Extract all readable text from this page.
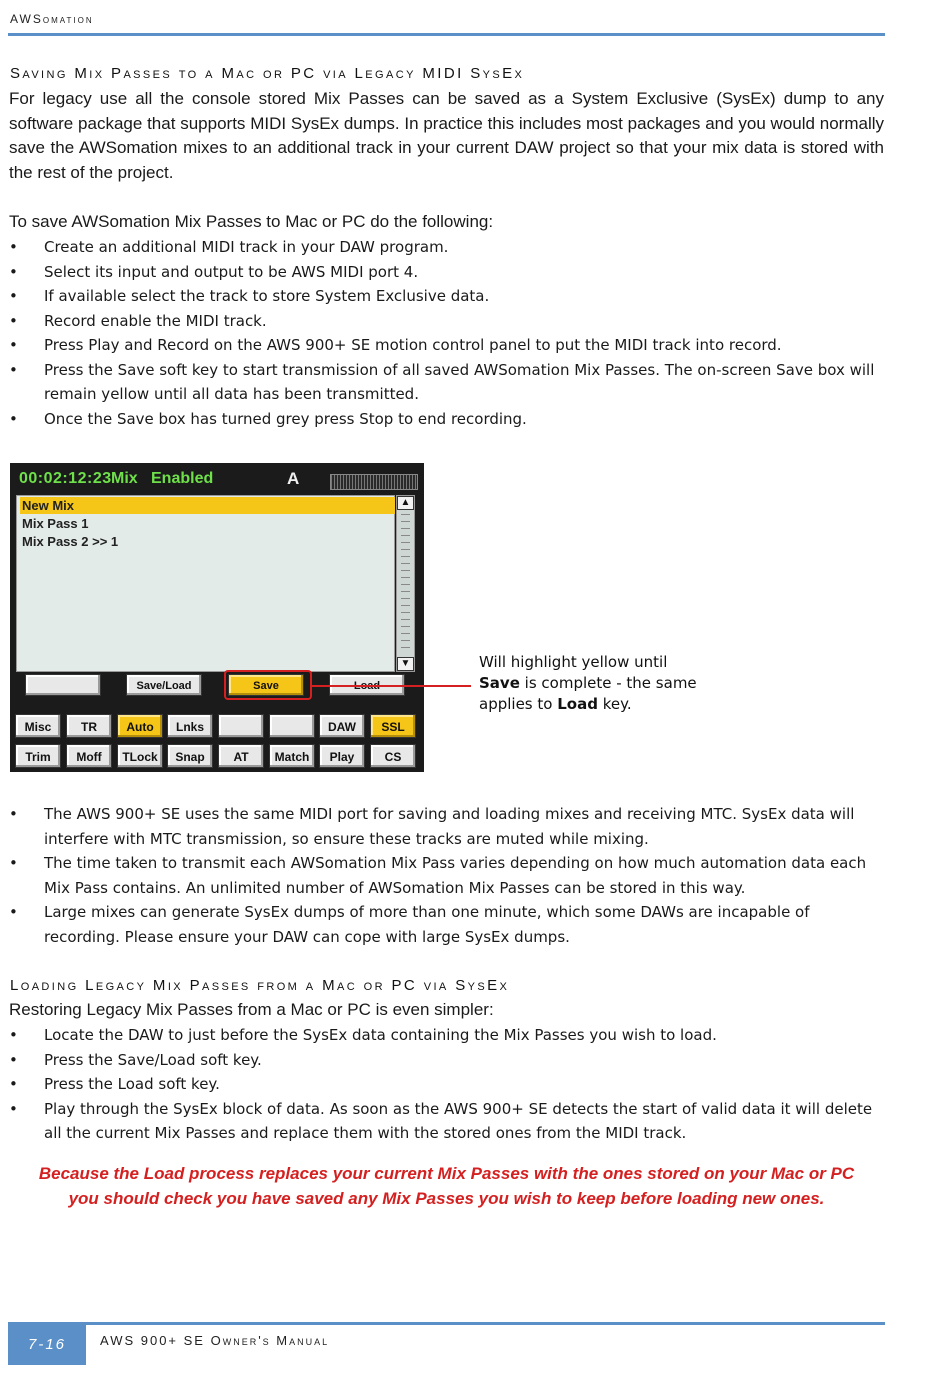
AWSomation
Saving Mix Passes to a Mac or PC via Legacy MIDI SysEx

For legacy use all the console stored Mix Passes can be saved as a System Exclusive (SysEx) dump to any software package that supports MIDI SysEx dumps. In practice this includes most packages and you would normally save the AWSomation mixes to an additional track in your current DAW project so that your mix data is stored with the rest of the project.

To save AWSomation Mix Passes to Mac or PC do the following:

• Create an additional MIDI track in your DAW program.
• Select its input and output to be AWS MIDI port 4.
• If available select the track to store System Exclusive data.
• Record enable the MIDI track.
• Press Play and Record on the AWS 900+ SE motion control panel to put the MIDI track into record.
• Press the Save soft key to start transmission of all saved AWSomation Mix Passes. The on-screen Save box will remain yellow until all data has been transmitted.
• Once the Save box has turned grey press Stop to end recording.
00:02:12:23 Mix   Enabled	A
New Mix
Mix Pass 1
Mix Pass 2 >> 1
▲
▼
Save/Load	Save
Misc	TR	Auto	Lnks	DAW	SSL
Trim	Moff	TLock	Snap	AT	Match	Play	CS
Will highlight yellow until
Save is complete - the same
applies to Load key.
• The AWS 900+ SE uses the same MIDI port for saving and loading mixes and receiving MTC. SysEx data will interfere with MTC transmission, so ensure these tracks are muted while mixing.
• The time taken to transmit each AWSomation Mix Pass varies depending on how much automation data each Mix Pass contains. An unlimited number of AWSomation Mix Passes can be stored in this way.
• Large mixes can generate SysEx dumps of more than one minute, which some DAWs are incapable of recording. Please ensure your DAW can cope with large SysEx dumps.
Loading Legacy Mix Passes from a Mac or PC via SysEx

Restoring Legacy Mix Passes from a Mac or PC is even simpler:

• Locate the DAW to just before the SysEx data containing the Mix Passes you wish to load.
• Press the Save/Load soft key.
• Press the Load soft key.
• Play through the SysEx block of data. As soon as the AWS 900+ SE detects the start of valid data it will delete all the current Mix Passes and replace them with the stored ones from the MIDI track.

Because the Load process replaces your current Mix Passes with the ones stored on your Mac or PC

you should check you have saved any Mix Passes you wish to keep before loading new ones.

7-16	AWS 900+ SE Owner's Manual
